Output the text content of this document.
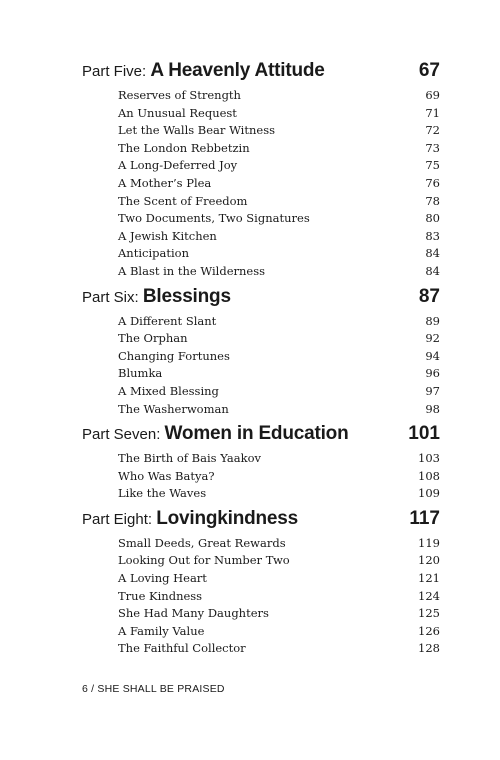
Part Five: A Heavenly Attitude	67
Reserves of Strength	69
An Unusual Request	71
Let the Walls Bear Witness	72
The London Rebbetzin	73
A Long-Deferred Joy	75
A Mother’s Plea	76
The Scent of Freedom	78
Two Documents, Two Signatures	80
A Jewish Kitchen	83
Anticipation	84
A Blast in the Wilderness	84
Part Six: Blessings	87
A Different Slant	89
The Orphan	92
Changing Fortunes	94
Blumka	96
A Mixed Blessing	97
The Washerwoman	98
Part Seven: Women in Education	101
The Birth of Bais Yaakov	103
Who Was Batya?	108
Like the Waves	109
Part Eight: Lovingkindness	117
Small Deeds, Great Rewards	119
Looking Out for Number Two	120
A Loving Heart	121
True Kindness	124
She Had Many Daughters	125
A Family Value	126
The Faithful Collector	128
6 / SHE SHALL BE PRAISED
